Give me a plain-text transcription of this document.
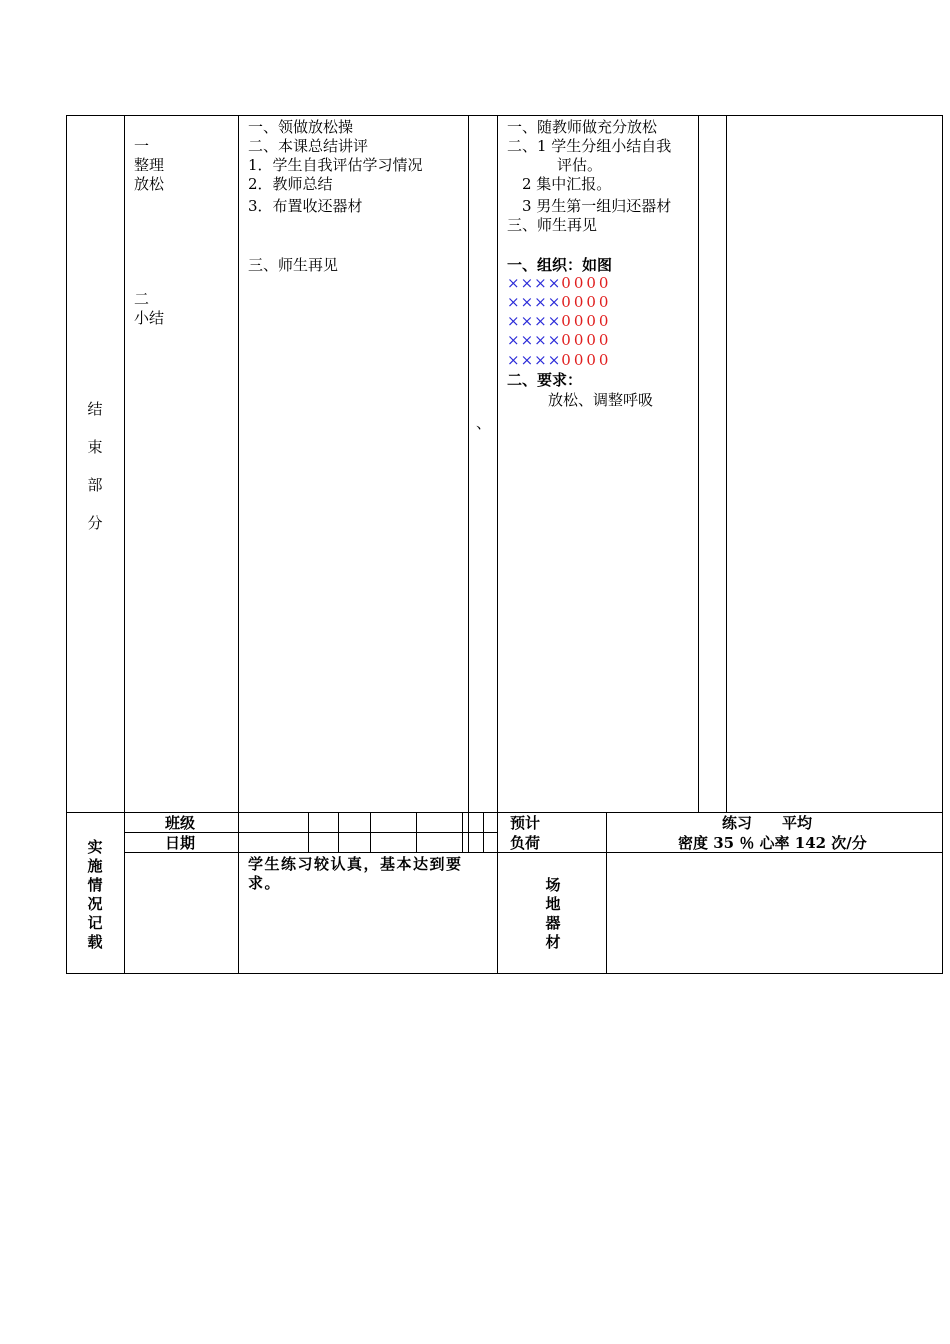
结束部分
一
整理
放松
二
小结
一、领做放松操
二、本课总结讲评
1．学生自我评估学习情况
2．教师总结
3．布置收还器材
三、师生再见
、
一、随教师做充分放松
二、1 学生分组小结自我
评估。
2 集中汇报。
3 男生第一组归还器材
三、师生再见
一、组织：如图
××××0000
××××0000
××××0000
××××0000
××××0000
二、要求：
放松、调整呼吸
实施情况记载
班级
日期
预计
负荷
练习　　平均
密度 35 ％ 心率 142 次/分
学生练习较认真，基本达到要求。	场地器材
